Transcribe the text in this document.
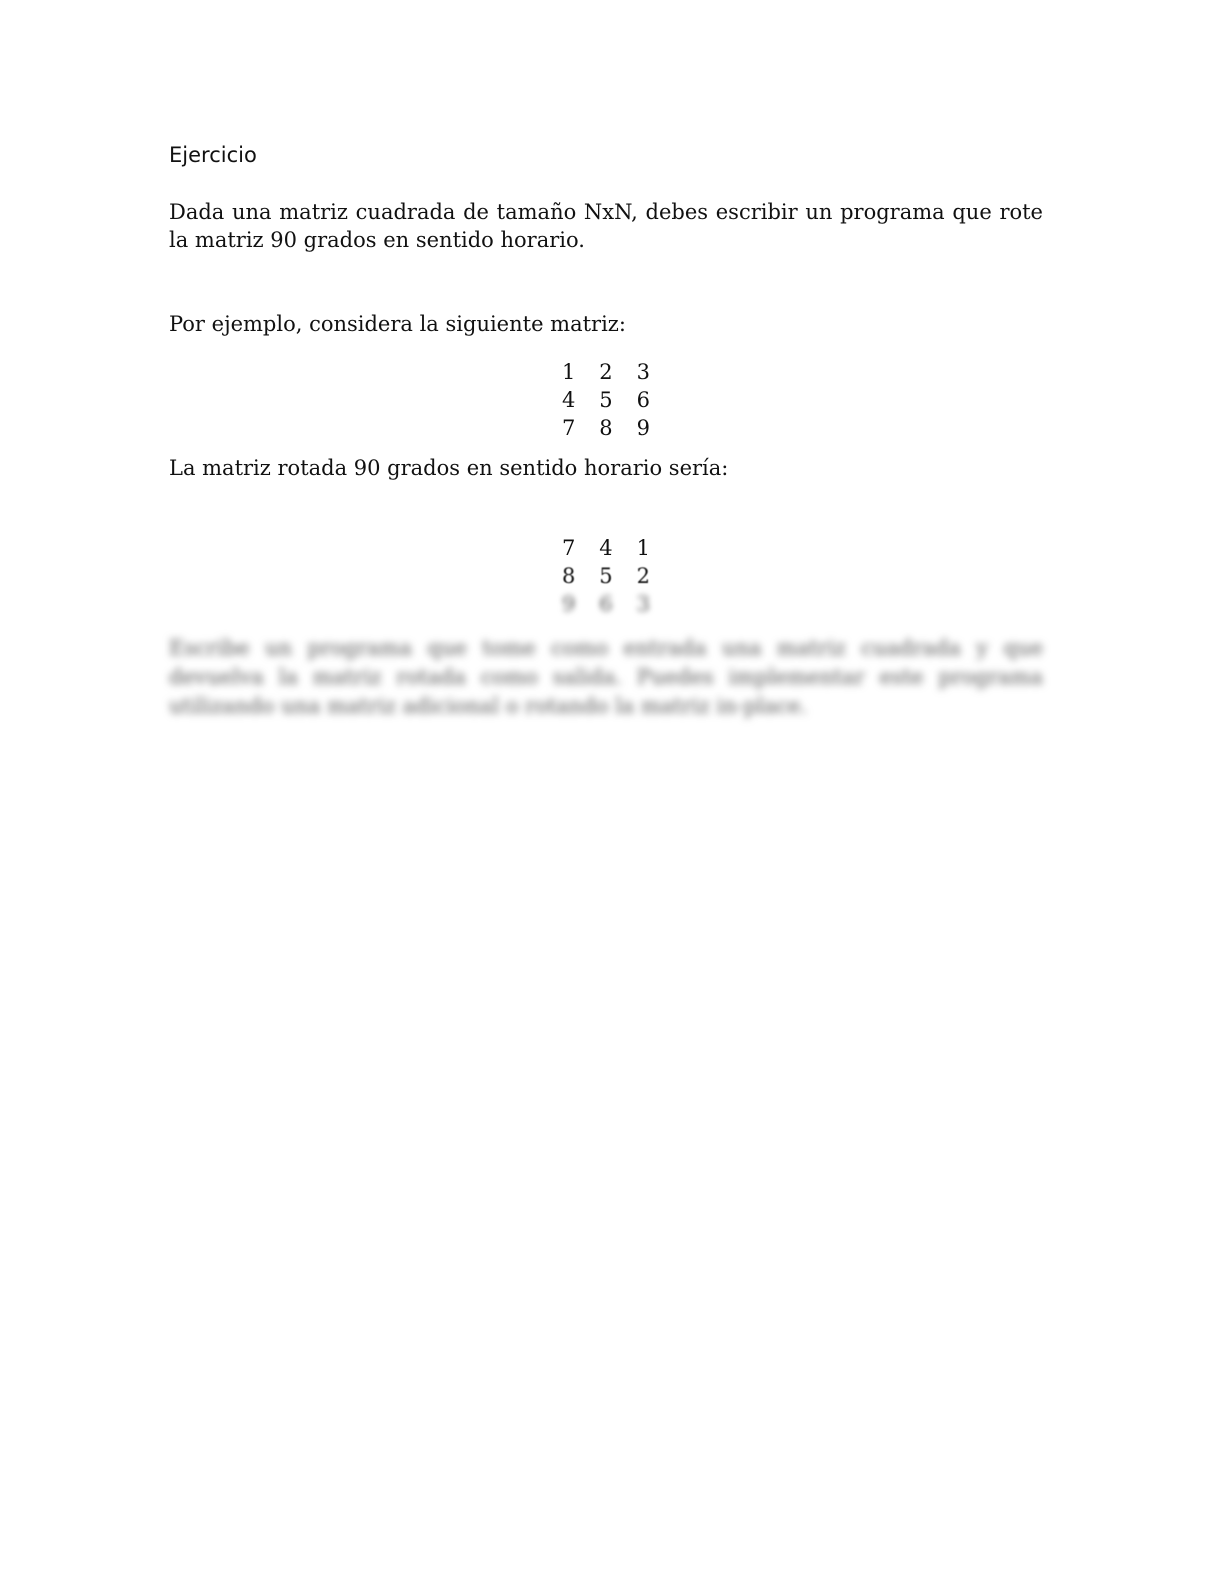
Ejercicio

Dada una matriz cuadrada de tamaño NxN, debes escribir un programa que rote la matriz 90 grados en sentido horario.

Por ejemplo, considera la siguiente matriz:

1	2	3
4	5	6
7	8	9

La matriz rotada 90 grados en sentido horario sería:

7	4	1
8	5	2
9	6	3

Escribe un programa que tome como entrada una matriz cuadrada y que devuelva la matriz rotada como salida. Puedes implementar este programa utilizando una matriz adicional o rotando la matriz in-place.
